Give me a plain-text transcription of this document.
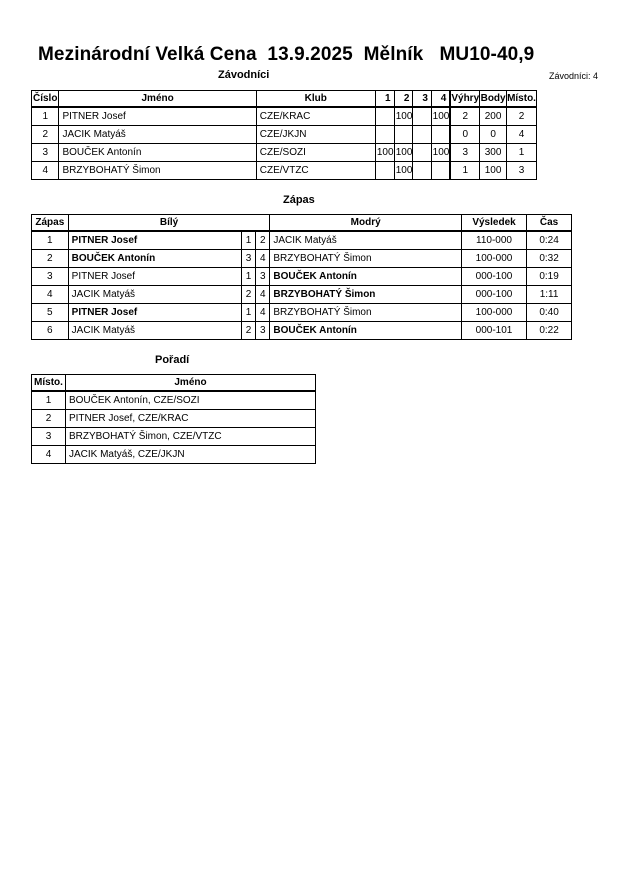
Mezinárodní Velká Cena  13.9.2025  Mělník   MU10-40,9
Závodníci	Závodníci: 4
Číslo	Jméno	Klub	1	2	3	4	Výhry	Body	Místo.
1	PITNER Josef	CZE/KRAC		100		100	2	200	2
2	JACIK Matyáš	CZE/JKJN					0	0	4
3	BOUČEK Antonín	CZE/SOZI	100	100		100	3	300	1
4	BRZYBOHATÝ Šimon	CZE/VTZC		100			1	100	3
Zápas
Zápas	Bílý			Modrý	Výsledek	Čas
1	PITNER Josef	1	2	JACIK Matyáš	110-000	0:24
2	BOUČEK Antonín	3	4	BRZYBOHATÝ Šimon	100-000	0:32
3	PITNER Josef	1	3	BOUČEK Antonín	000-100	0:19
4	JACIK Matyáš	2	4	BRZYBOHATÝ Šimon	000-100	1:11
5	PITNER Josef	1	4	BRZYBOHATÝ Šimon	100-000	0:40
6	JACIK Matyáš	2	3	BOUČEK Antonín	000-101	0:22
Pořadí
Místo.	Jméno
1	BOUČEK Antonín, CZE/SOZI
2	PITNER Josef, CZE/KRAC
3	BRZYBOHATÝ Šimon, CZE/VTZC
4	JACIK Matyáš, CZE/JKJN
